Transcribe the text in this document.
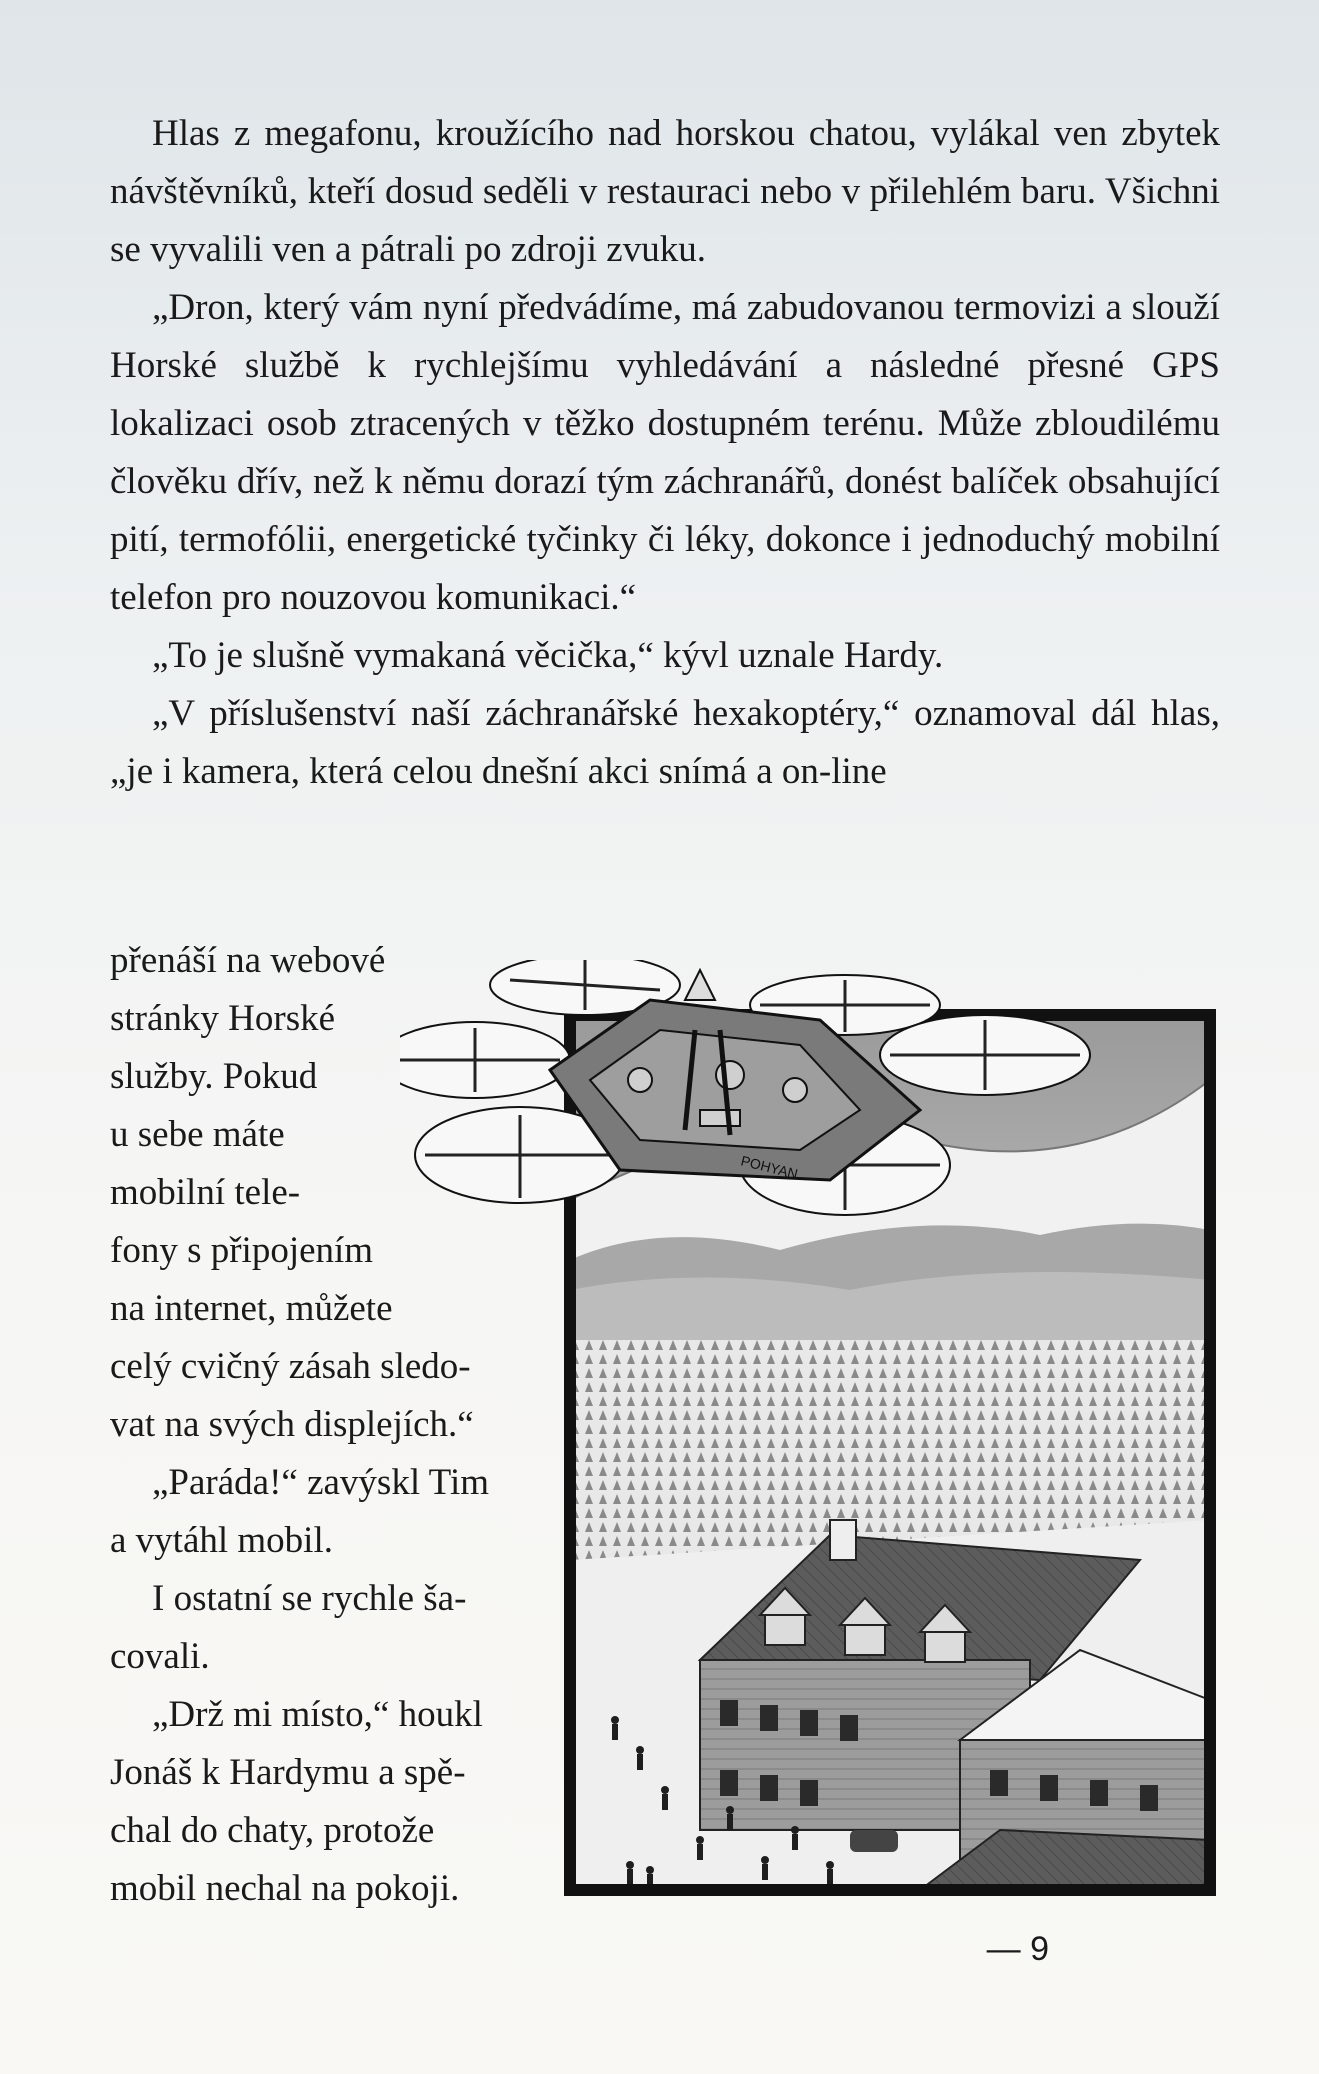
Hlas z megafonu, kroužícího nad horskou chatou, vylákal ven zbytek návštěvníků, kteří dosud seděli v restauraci nebo v přilehlém baru. Všichni se vyvalili ven a pátrali po zdroji zvuku.

„Dron, který vám nyní předvádíme, má zabudovanou termovizi a slouží Horské službě k rychlejšímu vyhledávání a následné přesné GPS lokalizaci osob ztracených v těžko dostupném terénu. Může zbloudilému člověku dřív, než k němu dorazí tým záchranářů, donést balíček obsahující pití, termofólii, energetické tyčinky či léky, dokonce i jednoduchý mobilní telefon pro nouzovou komunikaci.“

„To je slušně vymakaná věcička,“ kývl uznale Hardy.

„V příslušenství naší záchranářské hexakoptéry,“ oznamoval dál hlas, „je i kamera, která celou dnešní akci snímá a on-line

přenáší na webové
stránky Horské
služby. Pokud
u sebe máte
mobilní tele-
fony s připojením
na internet, můžete
celý cvičný zásah sledo-
vat na svých displejích.“
„Paráda!“ zavýskl Tim
a vytáhl mobil.
I ostatní se rychle ša-
covali.
„Drž mi místo,“ houkl
Jonáš k Hardymu a spě-
chal do chaty, protože
mobil nechal na pokoji.
POHYAN
— 9
